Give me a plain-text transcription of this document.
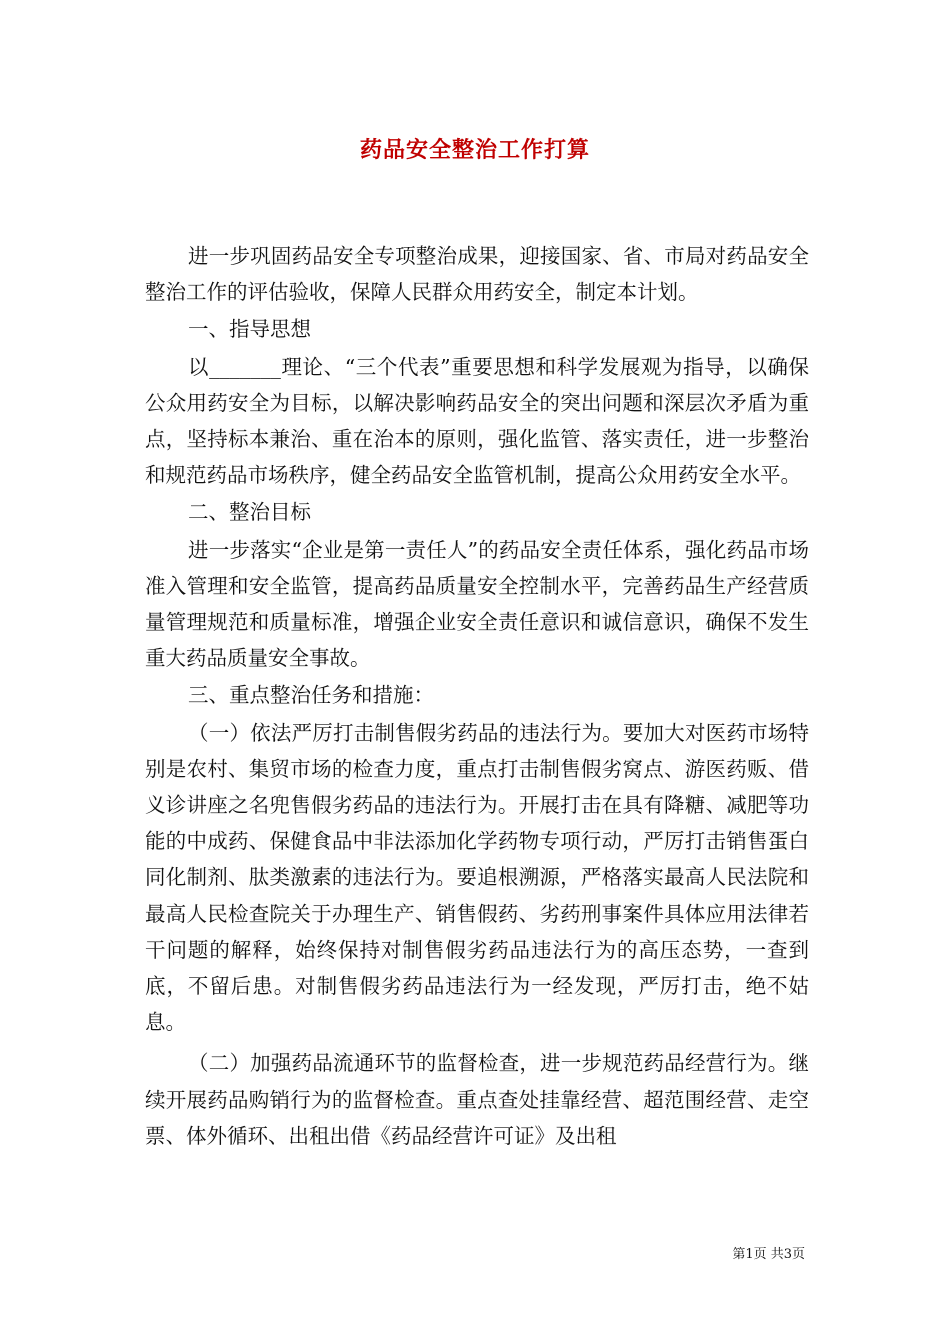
药品安全整治工作打算

进一步巩固药品安全专项整治成果，迎接国家、省、市局对药品安全整治工作的评估验收，保障人民群众用药安全，制定本计划。

一、指导思想

以_______理论、“三个代表”重要思想和科学发展观为指导，以确保公众用药安全为目标，以解决影响药品安全的突出问题和深层次矛盾为重点，坚持标本兼治、重在治本的原则，强化监管、落实责任，进一步整治和规范药品市场秩序，健全药品安全监管机制，提高公众用药安全水平。

二、整治目标

进一步落实“企业是第一责任人”的药品安全责任体系，强化药品市场准入管理和安全监管，提高药品质量安全控制水平，完善药品生产经营质量管理规范和质量标准，增强企业安全责任意识和诚信意识，确保不发生重大药品质量安全事故。

三、重点整治任务和措施：

（一）依法严厉打击制售假劣药品的违法行为。要加大对医药市场特别是农村、集贸市场的检查力度，重点打击制售假劣窝点、游医药贩、借义诊讲座之名兜售假劣药品的违法行为。开展打击在具有降糖、减肥等功能的中成药、保健食品中非法添加化学药物专项行动，严厉打击销售蛋白同化制剂、肽类激素的违法行为。要追根溯源，严格落实最高人民法院和最高人民检查院关于办理生产、销售假药、劣药刑事案件具体应用法律若干问题的解释，始终保持对制售假劣药品违法行为的高压态势，一查到底，不留后患。对制售假劣药品违法行为一经发现，严厉打击，绝不姑息。

（二）加强药品流通环节的监督检查，进一步规范药品经营行为。继续开展药品购销行为的监督检查。重点查处挂靠经营、超范围经营、走空票、体外循环、出租出借《药品经营许可证》及出租

第1页 共3页
